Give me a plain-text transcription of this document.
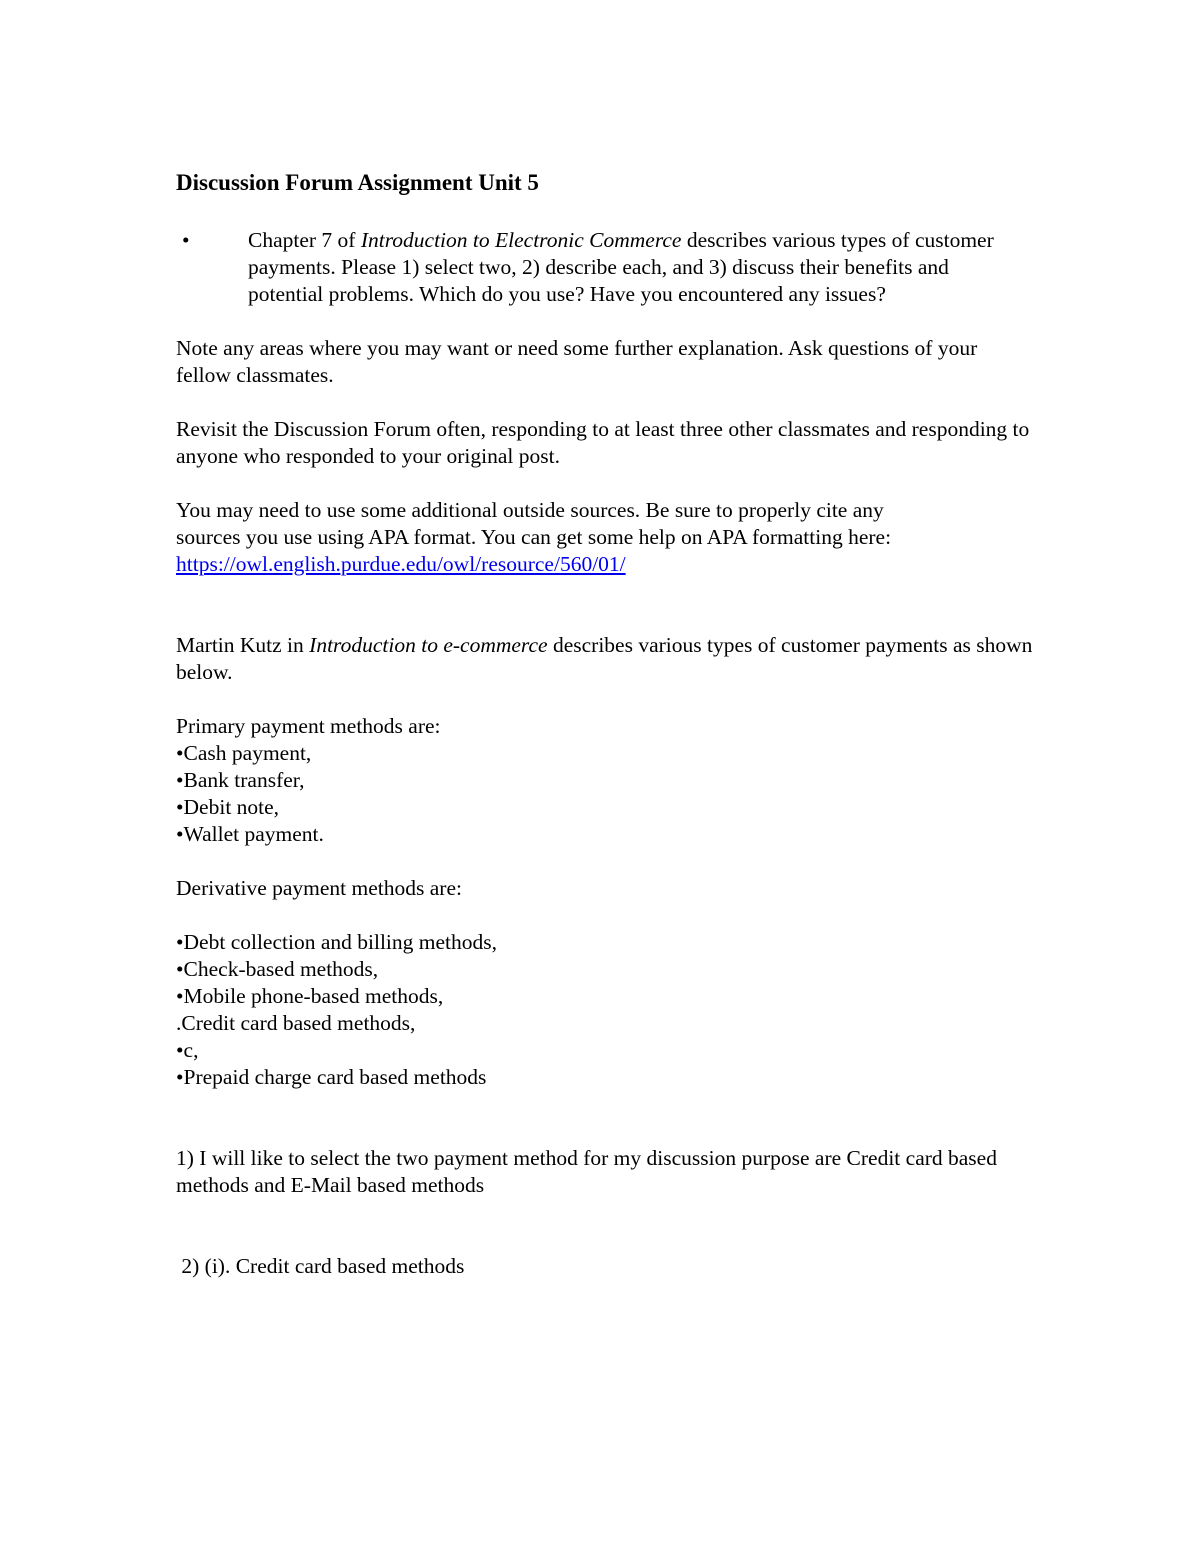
Discussion Forum Assignment Unit 5
•	Chapter 7 of Introduction to Electronic Commerce describes various types of customer payments. Please 1) select two, 2) describe each, and 3) discuss their benefits and potential problems. Which do you use? Have you encountered any issues?

Note any areas where you may want or need some further explanation. Ask questions of your fellow classmates.

Revisit the Discussion Forum often, responding to at least three other classmates and responding to anyone who responded to your original post.

You may need to use some additional outside sources. Be sure to properly cite any sources you use using APA format. You can get some help on APA formatting here: https://owl.english.purdue.edu/owl/resource/560/01/

Martin Kutz in Introduction to e-commerce describes various types of customer payments as shown below.

Primary payment methods are:
•Cash payment,
•Bank transfer,
•Debit note,
•Wallet payment.
Derivative payment methods are:
•Debt collection and billing methods,
•Check-based methods,
•Mobile phone-based methods,
.Credit card based methods,
•c,
•Prepaid charge card based methods

1) I will like to select the two payment method for my discussion purpose are Credit card based methods and E-Mail based methods

2) (i). Credit card based methods
